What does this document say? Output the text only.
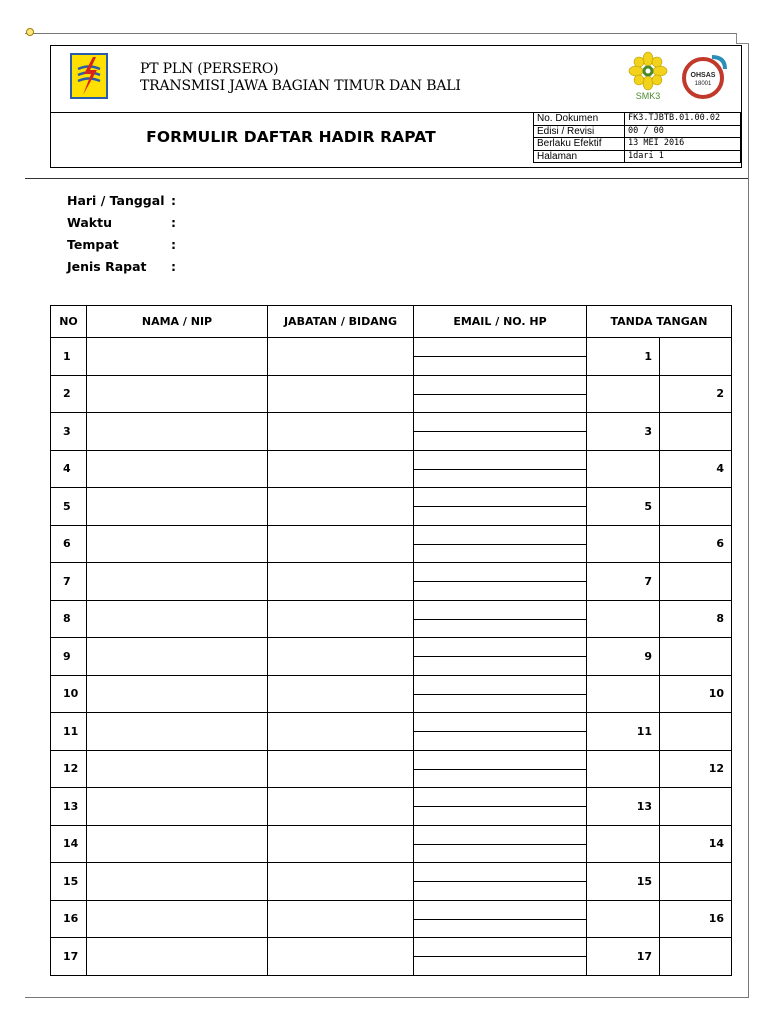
PT PLN (PERSERO)
TRANSMISI JAWA BAGIAN TIMUR DAN BALI
SMK3
OHSAS
18001
FORMULIR DAFTAR HADIR RAPAT
No. Dokumen	FK3.TJBTB.01.00.02
Edisi / Revisi	00 / 00
Berlaku Efektif	13 MEI 2016
Halaman	1dari 1
Hari / Tanggal :
Waktu	:
Tempat	:
Jenis Rapat :
NO	NAMA / NIP	JABATAN / BIDANG	EMAIL / NO. HP	TANDA TANGAN	
1				1	
2					2
3				3	
4					4
5				5	
6					6
7				7	
8					8
9				9	
10					10
11				11	
12					12
13				13	
14					14
15				15	
16					16
17				17	
